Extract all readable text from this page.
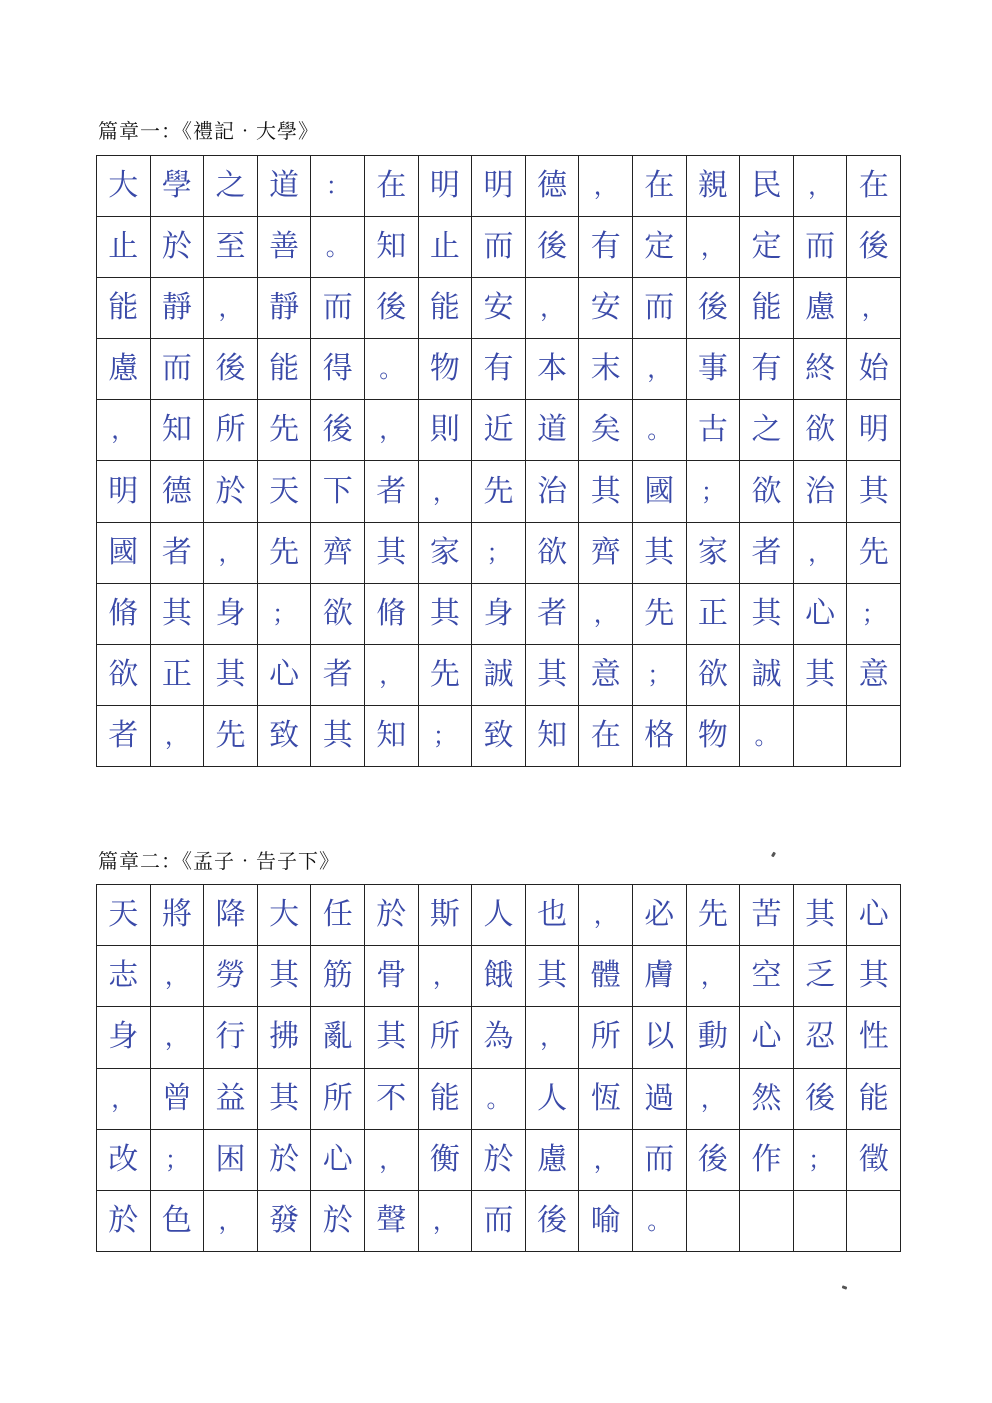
篇章一：《禮記‧大學》
大 學 之 道	： 在 明 明 德	， 在 親 民	， 在
止 於 至 善	。 知 止 而 後 有 定	， 定 而 後
能 靜	， 靜 而 後 能 安	， 安 而 後 能 慮	，
慮 而 後 能 得	。 物 有 本 末	， 事 有 終 始
， 知 所 先 後	， 則 近 道 矣	。 古 之 欲 明
明 德 於 天 下 者	， 先 治 其 國	； 欲 治 其
國 者	， 先 齊 其 家	； 欲 齊 其 家 者	， 先
脩 其 身	； 欲 脩 其 身 者	， 先 正 其 心	；
欲 正 其 心 者	， 先 誠 其 意	； 欲 誠 其 意
者	， 先 致 其 知	； 致 知 在 格 物	。
篇章二：《孟子‧告子下》
天 將 降 大 任 於 斯 人 也	， 必 先 苦 其 心
志	， 勞 其 筋 骨	， 餓 其 體 膚	， 空 乏 其
身	， 行 拂 亂 其 所 為	， 所 以 動 心 忍 性
， 曾 益 其 所 不 能	。 人 恆 過	， 然 後 能
改	； 困 於 心	， 衡 於 慮	， 而 後 作	； 徵
於 色	， 發 於 聲	， 而 後 喻	。
